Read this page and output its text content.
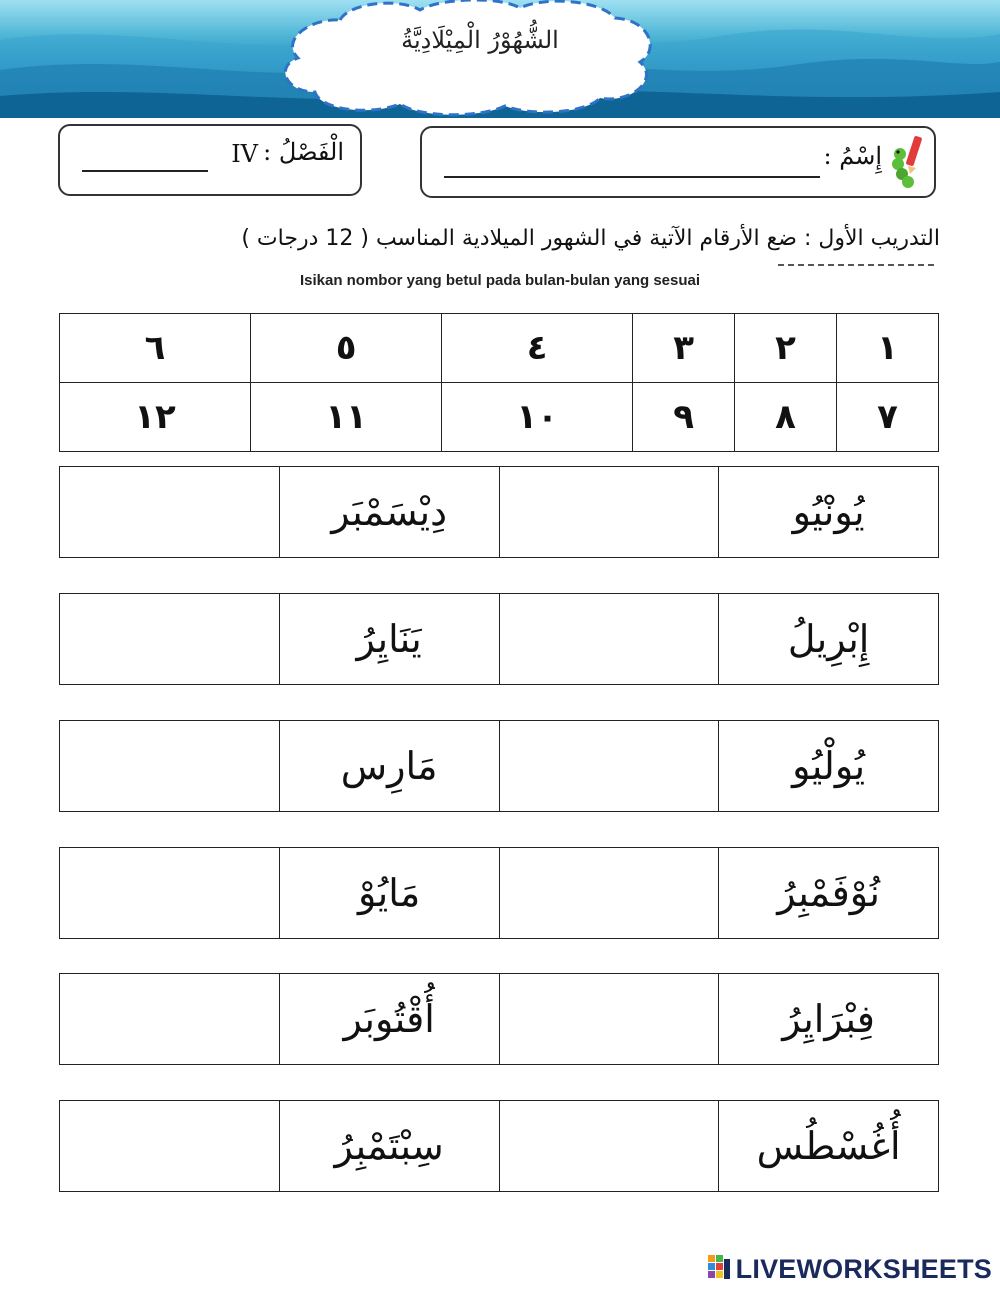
الشُّهُوْرُ الْمِيْلَادِيَّةُ
الْفَصْلُ :
IV	إِسْمُ :
التدريب الأول : ضع الأرقام الآتية في الشهور الميلادية المناسب ( 12 درجات )
Isikan nombor yang betul pada bulan-bulan yang sesuai
١	٢	٣	٤	٥	٦
٧	٨	٩	١٠	١١	١٢
يُونْيُو		دِيْسَمْبَر	
إِبْرِيلُ		يَنَايِرُ	
يُولْيُو		مَارِس	
نُوْفَمْبِرُ		مَايُوْ	
فِبْرَايِرُ		أُقْتُوبَر	
أُغُسْطُس		سِبْتَمْبِرُ	
LIVEWORKSHEETS
